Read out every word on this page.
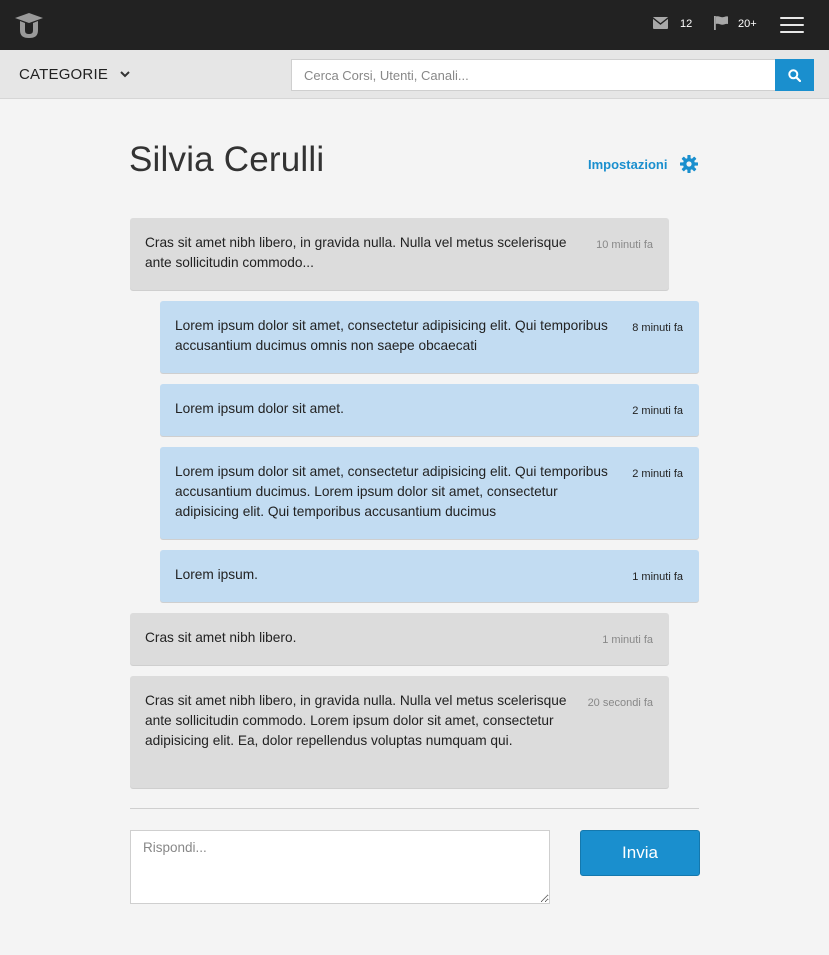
12	20+
CATEGORIE
Cerca Corsi, Utenti, Canali...
Silvia Cerulli	Impostazioni
Cras sit amet nibh libero, in gravida nulla. Nulla vel metus scelerisque ante sollicitudin commodo...
10 minuti fa
Lorem ipsum dolor sit amet, consectetur adipisicing elit. Qui temporibus accusantium ducimus omnis non saepe obcaecati
8 minuti fa
Lorem ipsum dolor sit amet.	2 minuti fa
Lorem ipsum dolor sit amet, consectetur adipisicing elit. Qui temporibus accusantium ducimus. Lorem ipsum dolor sit amet, consectetur adipisicing elit. Qui temporibus accusantium ducimus
2 minuti fa
Lorem ipsum.	1 minuti fa
Cras sit amet nibh libero.	1 minuti fa
Cras sit amet nibh libero, in gravida nulla. Nulla vel metus scelerisque ante sollicitudin commodo. Lorem ipsum dolor sit amet, consectetur adipisicing elit. Ea, dolor repellendus voluptas numquam qui.
20 secondi fa
Rispondi...
Invia
